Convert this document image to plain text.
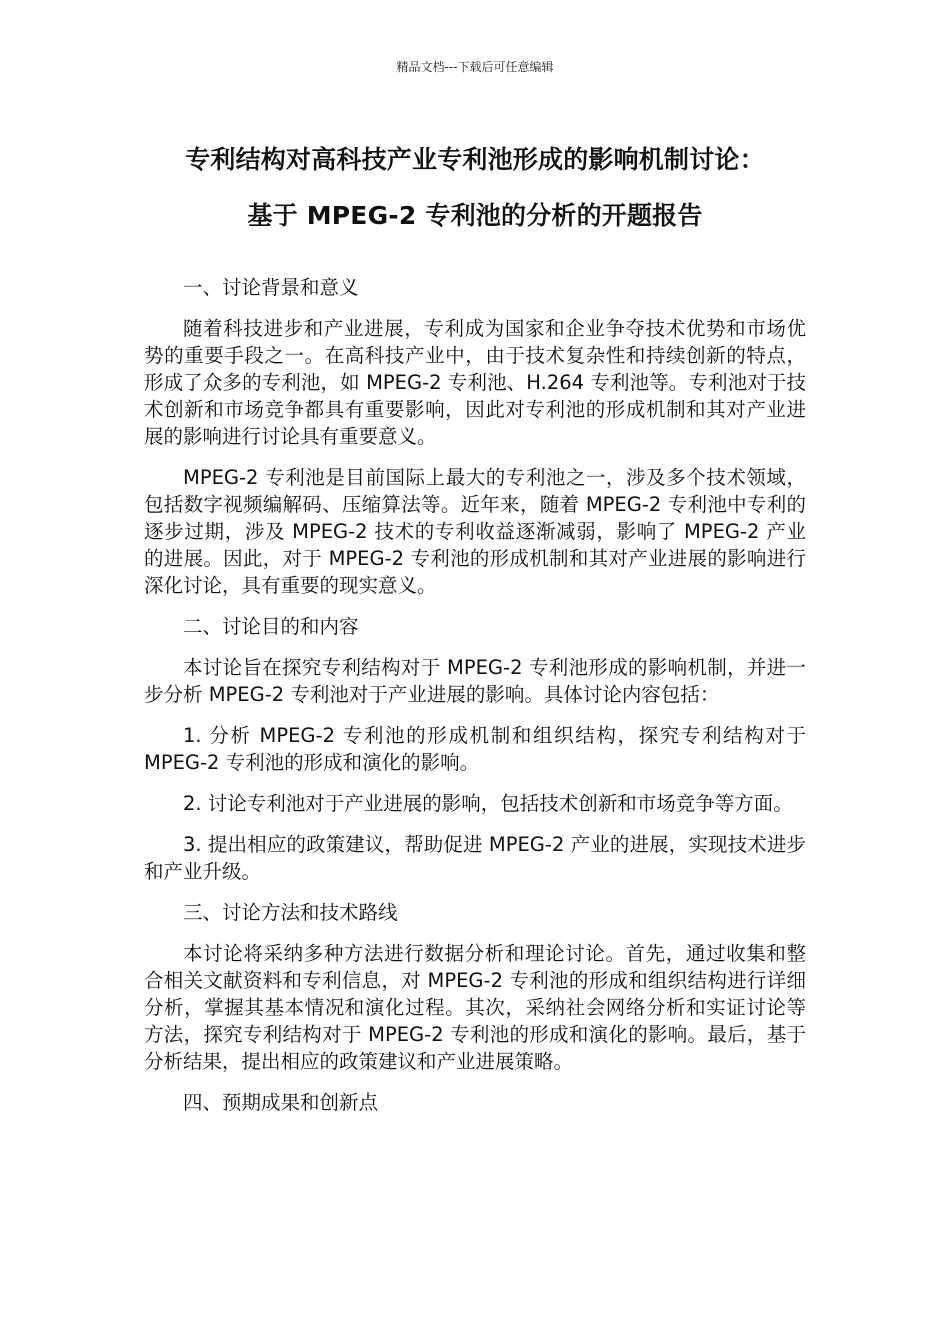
精品文档---下载后可任意编辑
专利结构对高科技产业专利池形成的影响机制讨论：
基于 MPEG-2 专利池的分析的开题报告
一、讨论背景和意义

随着科技进步和产业进展，专利成为国家和企业争夺技术优势和市场优势的重要手段之一。在高科技产业中，由于技术复杂性和持续创新的特点，形成了众多的专利池，如 MPEG-2 专利池、H.264 专利池等。专利池对于技术创新和市场竞争都具有重要影响，因此对专利池的形成机制和其对产业进展的影响进行讨论具有重要意义。

MPEG-2 专利池是目前国际上最大的专利池之一，涉及多个技术领域，包括数字视频编解码、压缩算法等。近年来，随着 MPEG-2 专利池中专利的逐步过期，涉及 MPEG-2 技术的专利收益逐渐减弱，影响了 MPEG-2 产业的进展。因此，对于 MPEG-2 专利池的形成机制和其对产业进展的影响进行深化讨论，具有重要的现实意义。

二、讨论目的和内容

本讨论旨在探究专利结构对于 MPEG-2 专利池形成的影响机制，并进一步分析 MPEG-2 专利池对于产业进展的影响。具体讨论内容包括：

1. 分析 MPEG-2 专利池的形成机制和组织结构，探究专利结构对于 MPEG-2 专利池的形成和演化的影响。

2. 讨论专利池对于产业进展的影响，包括技术创新和市场竞争等方面。

3. 提出相应的政策建议，帮助促进 MPEG-2 产业的进展，实现技术进步和产业升级。

三、讨论方法和技术路线

本讨论将采纳多种方法进行数据分析和理论讨论。首先，通过收集和整合相关文献资料和专利信息，对 MPEG-2 专利池的形成和组织结构进行详细分析，掌握其基本情况和演化过程。其次，采纳社会网络分析和实证讨论等方法，探究专利结构对于 MPEG-2 专利池的形成和演化的影响。最后，基于分析结果，提出相应的政策建议和产业进展策略。

四、预期成果和创新点
